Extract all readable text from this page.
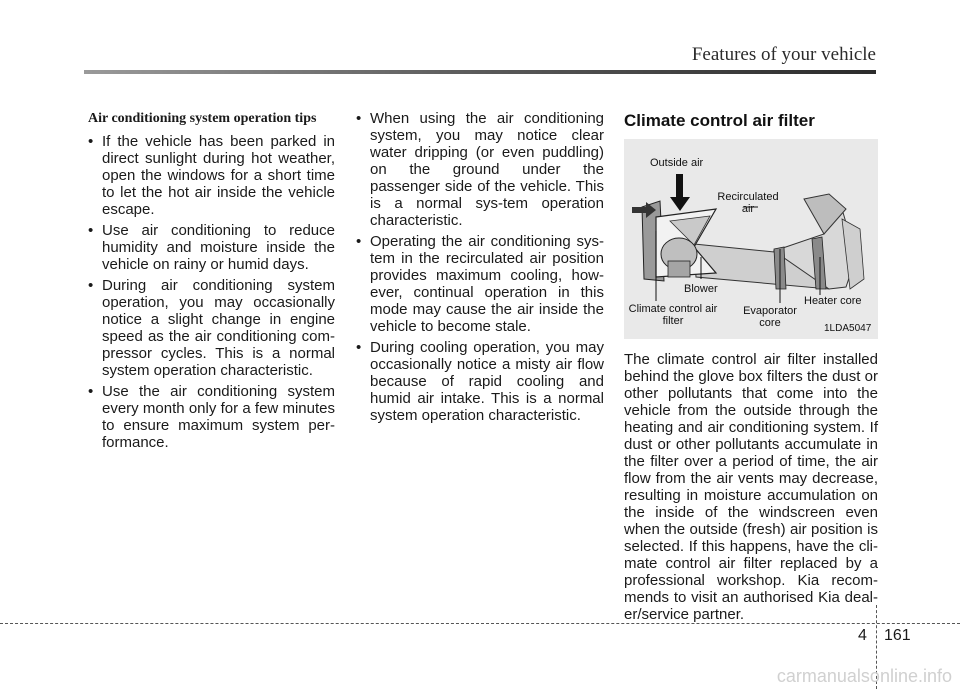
Features of your vehicle
Air conditioning system operation tips
• If the vehicle has been parked in direct sunlight during hot weather, open the windows for a short time to let the hot air inside the vehicle escape.
• Use air conditioning to reduce humidity and moisture inside the vehicle on rainy or humid days.
• During air conditioning system operation, you may occasionally notice a slight change in engine speed as the air conditioning com-pressor cycles. This is a normal system operation characteristic.
• Use the air conditioning system every month only for a few minutes to ensure maximum system per-formance.
• When using the air conditioning system, you may notice clear water dripping (or even puddling) on the ground under the passenger side of the vehicle. This is a normal sys-tem operation characteristic.
• Operating the air conditioning sys-tem in the recirculated air position provides maximum cooling, how-ever, continual operation in this mode may cause the air inside the vehicle to become stale.
• During cooling operation, you may occasionally notice a misty air flow because of rapid cooling and humid air intake. This is a normal system operation characteristic.
Climate control air filter
Outside air
Recirculated air
Blower
Climate control air filter
Evaporator core
Heater core
1LDA5047
The climate control air filter installed behind the glove box filters the dust or other pollutants that come into the vehicle from the outside through the heating and air conditioning system. If dust or other pollutants accumulate in the filter over a period of time, the air flow from the air vents may decrease, resulting in moisture accumulation on the inside of the windscreen even when the outside (fresh) air position is selected. If this happens, have the cli-mate control air filter replaced by a professional workshop. Kia recom-mends to visit an authorised Kia deal-er/service partner.
4 161
carmanualsonline.info
